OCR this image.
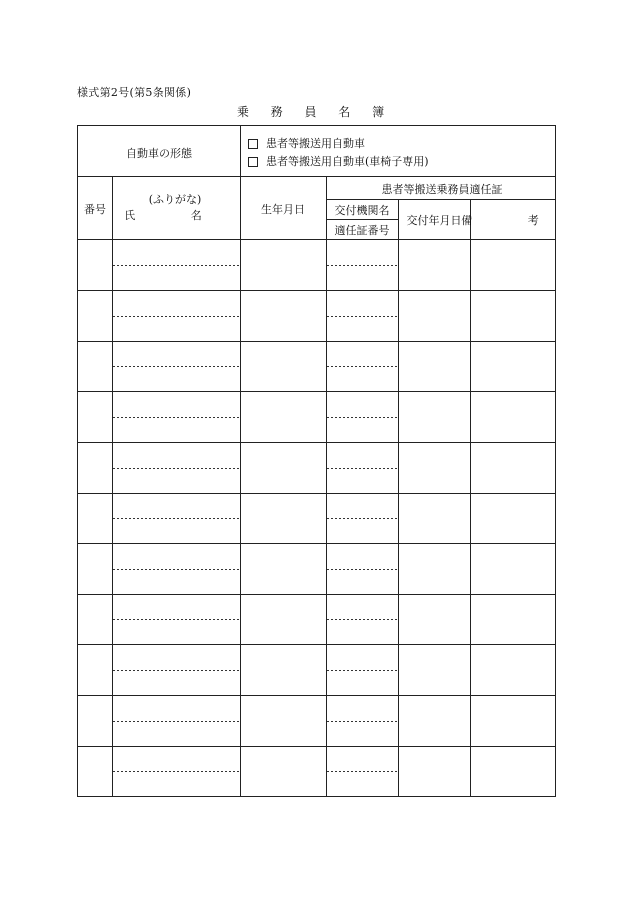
様式第2号(第5条関係)
乗 務 員 名 簿
自動車の形態
患者等搬送用自動車
患者等搬送用自動車(車椅子専用)
番号
(ふりがな)
氏 名	生年月日
患者等搬送乗務員適任証
交付機関名
適任証番号
交付年月日 備 考
